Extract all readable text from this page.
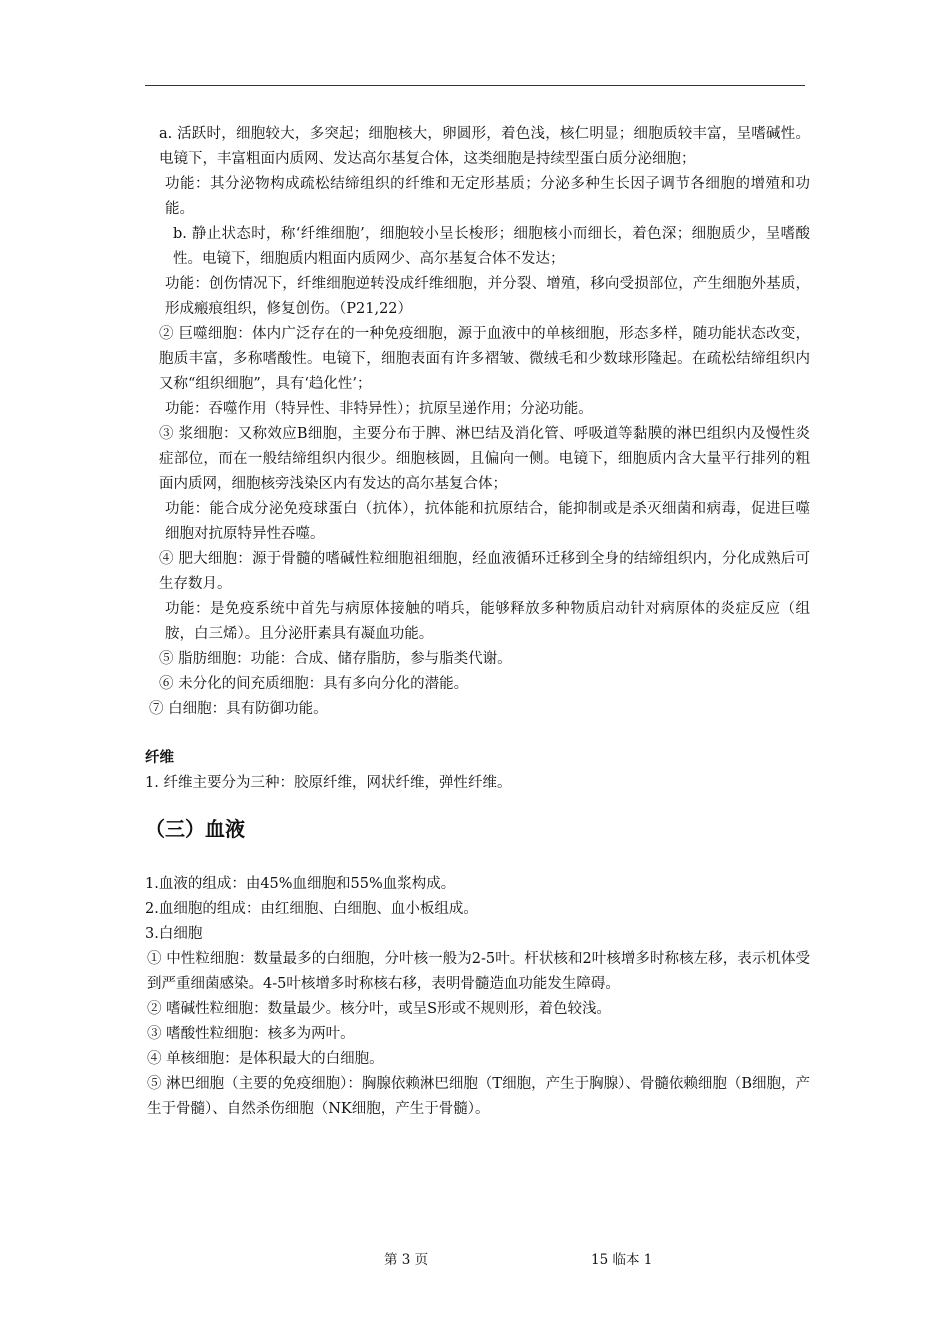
a. 活跃时，细胞较大，多突起；细胞核大，卵圆形，着色浅，核仁明显；细胞质较丰富，呈嗜碱性。电镜下，丰富粗面内质网、发达高尔基复合体，这类细胞是持续型蛋白质分泌细胞；

功能：其分泌物构成疏松结缔组织的纤维和无定形基质；分泌多种生长因子调节各细胞的增殖和功能。

b. 静止状态时，称‘纤维细胞’，细胞较小呈长梭形；细胞核小而细长，着色深；细胞质少，呈嗜酸性。电镜下，细胞质内粗面内质网少、高尔基复合体不发达；

功能：创伤情况下，纤维细胞逆转没成纤维细胞，并分裂、增殖，移向受损部位，产生细胞外基质，形成瘢痕组织，修复创伤。（P21,22）

② 巨噬细胞：体内广泛存在的一种免疫细胞，源于血液中的单核细胞，形态多样，随功能状态改变，胞质丰富，多称嗜酸性。电镜下，细胞表面有许多褶皱、微绒毛和少数球形隆起。在疏松结缔组织内又称“组织细胞”，具有‘趋化性’；

功能：吞噬作用（特异性、非特异性）；抗原呈递作用；分泌功能。

③ 浆细胞：又称效应B细胞，主要分布于脾、淋巴结及消化管、呼吸道等黏膜的淋巴组织内及慢性炎症部位，而在一般结缔组织内很少。细胞核圆，且偏向一侧。电镜下，细胞质内含大量平行排列的粗面内质网，细胞核旁浅染区内有发达的高尔基复合体；

功能：能合成分泌免疫球蛋白（抗体），抗体能和抗原结合，能抑制或是杀灭细菌和病毒，促进巨噬细胞对抗原特异性吞噬。

④ 肥大细胞：源于骨髓的嗜碱性粒细胞祖细胞，经血液循环迁移到全身的结缔组织内，分化成熟后可生存数月。

功能：是免疫系统中首先与病原体接触的哨兵，能够释放多种物质启动针对病原体的炎症反应（组胺，白三烯）。且分泌肝素具有凝血功能。

⑤ 脂肪细胞：功能：合成、储存脂肪，参与脂类代谢。

⑥ 未分化的间充质细胞：具有多向分化的潜能。

⑦ 白细胞：具有防御功能。

纤维

1. 纤维主要分为三种：胶原纤维，网状纤维，弹性纤维。

（三）血液

1.血液的组成：由45%血细胞和55%血浆构成。

2.血细胞的组成：由红细胞、白细胞、血小板组成。

3.白细胞

① 中性粒细胞：数量最多的白细胞，分叶核一般为2-5叶。杆状核和2叶核增多时称核左移，表示机体受到严重细菌感染。4-5叶核增多时称核右移，表明骨髓造血功能发生障碍。

② 嗜碱性粒细胞：数量最少。核分叶，或呈S形或不规则形，着色较浅。

③ 嗜酸性粒细胞：核多为两叶。

④ 单核细胞：是体积最大的白细胞。

⑤ 淋巴细胞（主要的免疫细胞）：胸腺依赖淋巴细胞（T细胞，产生于胸腺）、骨髓依赖细胞（B细胞，产生于骨髓）、自然杀伤细胞（NK细胞，产生于骨髓）。

第 3 页	15 临本 1
